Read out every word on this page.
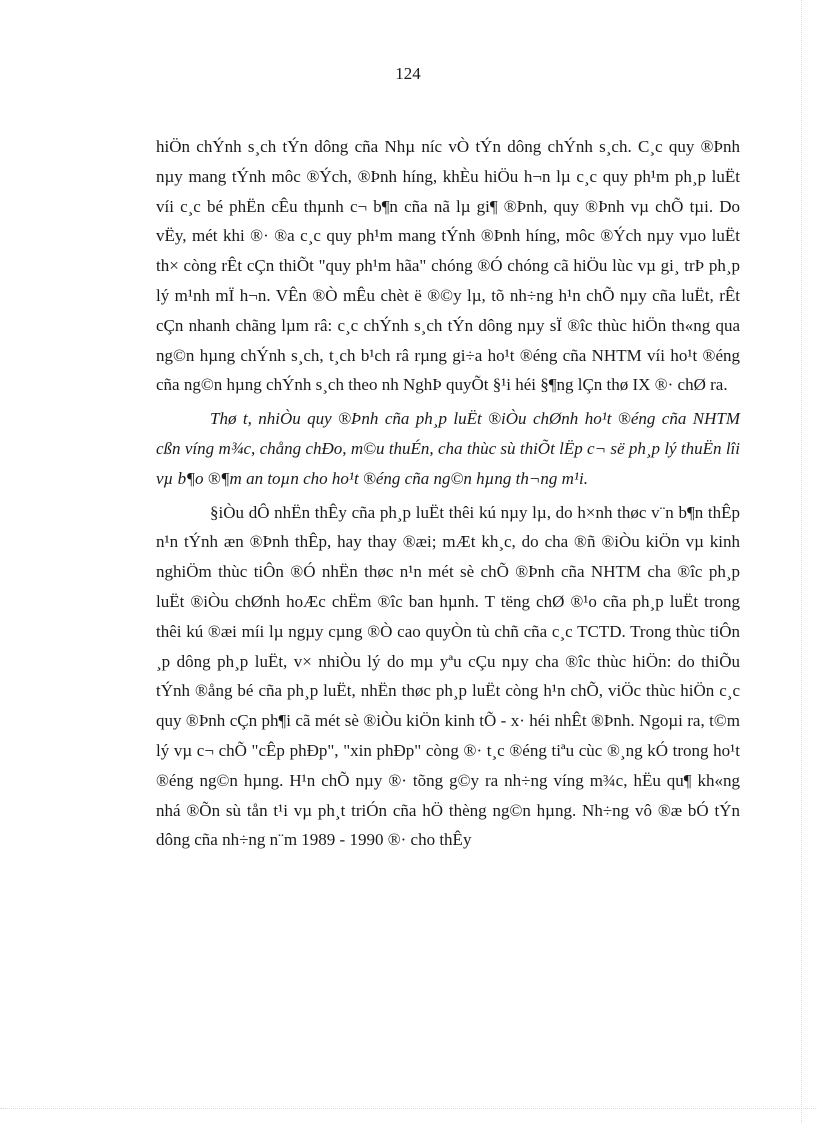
124

hiÖn chÝnh s¸ch tÝn dông cña Nhµ níc vÒ tÝn dông chÝnh s¸ch. C¸c quy ®Þnh nµy mang tÝnh môc ®Ých, ®Þnh híng, khÈu hiÖu h¬n lµ c¸c quy ph¹m ph¸p luËt víi c¸c bé phËn cÊu thµnh c¬ b¶n cña nã lµ gi¶ ®Þnh, quy ®Þnh vµ chÕ tµi. Do vËy, mét khi ®· ®a c¸c quy ph¹m mang tÝnh ®Þnh híng, môc ®Ých nµy vµo luËt th× còng rÊt cÇn thiÕt "quy ph¹m hãa" chóng ®Ó chóng cã hiÖu lùc vµ gi¸ trÞ ph¸p lý m¹nh mÏ h¬n. VÊn ®Ò mÊu chèt ë ®©y lµ, tõ nh÷ng h¹n chÕ nµy cña luËt, rÊt cÇn nhanh chãng lµm râ: c¸c chÝnh s¸ch tÝn dông nµy sÏ ®îc thùc hiÖn th«ng qua ng©n hµng chÝnh s¸ch, t¸ch b¹ch râ rµng gi÷a ho¹t ®éng cña NHTM víi ho¹t ®éng cña ng©n hµng chÝnh s¸ch theo nh NghÞ quyÕt §¹i héi §¶ng lÇn thø IX ®· chØ ra.

Thø t, nhiÒu quy ®Þnh cña ph¸p luËt ®iÒu chØnh ho¹t ®éng cña NHTM cßn víng m¾c, chång chÐo, m©u thuÉn, cha thùc sù thiÕt lËp c¬ së ph¸p lý thuËn lîi vµ b¶o ®¶m an toµn cho ho¹t ®éng cña ng©n hµng th¬ng m¹i.

§iÒu dÔ nhËn thÊy cña ph¸p luËt thêi kú nµy lµ, do h×nh thøc v¨n b¶n thÊp n¹n tÝnh æn ®Þnh thÊp, hay thay ®æi; mÆt kh¸c, do cha ®ñ ®iÒu kiÖn vµ kinh nghiÖm thùc tiÔn ®Ó nhËn thøc n¹n mét sè chÕ ®Þnh cña NHTM cha ®îc ph¸p luËt ®iÒu chØnh hoÆc chËm ®îc ban hµnh. T tëng chØ ®¹o cña ph¸p luËt trong thêi kú ®æi míi lµ ngµy cµng ®Ò cao quyÒn tù chñ cña c¸c TCTD. Trong thùc tiÔn ¸p dông ph¸p luËt, v× nhiÒu lý do mµ yªu cÇu nµy cha ®îc thùc hiÖn: do thiÕu tÝnh ®ång bé cña ph¸p luËt, nhËn thøc ph¸p luËt còng h¹n chÕ, viÖc thùc hiÖn c¸c quy ®Þnh cÇn ph¶i cã mét sè ®iÒu kiÖn kinh tÕ - x· héi nhÊt ®Þnh. Ngoµi ra, t©m lý vµ c¬ chÕ "cÊp phÐp", "xin phÐp" còng ®· t¸c ®éng tiªu cùc ®¸ng kÓ trong ho¹t ®éng ng©n hµng. H¹n chÕ nµy ®· tõng g©y ra nh÷ng víng m¾c, hËu qu¶ kh«ng nhá ®Õn sù tån t¹i vµ ph¸t triÓn cña hÖ thèng ng©n hµng. Nh÷ng vô ®æ bÓ tÝn dông cña nh÷ng n¨m 1989 - 1990 ®· cho thÊy
